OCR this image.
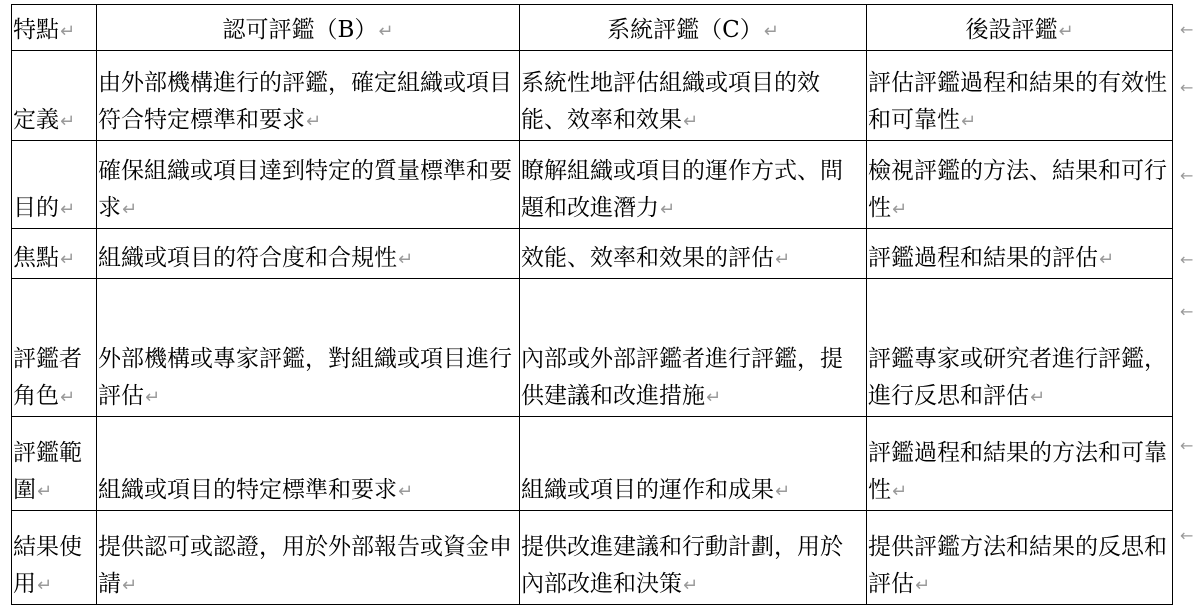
特點↵	認可評鑑（B）↵	系統評鑑（C）↵	後設評鑑↵
定義↵	由外部機構進行的評鑑，確定組織或項目符合特定標準和要求↵	系統性地評估組織或項目的效能、效率和效果↵	評估評鑑過程和結果的有效性和可靠性↵
目的↵	確保組織或項目達到特定的質量標準和要求↵	瞭解組織或項目的運作方式、問題和改進潛力↵	檢視評鑑的方法、結果和可行性↵
焦點↵	組織或項目的符合度和合規性↵	效能、效率和效果的評估↵	評鑑過程和結果的評估↵
評鑑者角色↵	外部機構或專家評鑑，對組織或項目進行評估↵	內部或外部評鑑者進行評鑑，提供建議和改進措施↵	評鑑專家或研究者進行評鑑，進行反思和評估↵
評鑑範圍↵	組織或項目的特定標準和要求↵	組織或項目的運作和成果↵	評鑑過程和結果的方法和可靠性↵
結果使用↵	提供認可或認證，用於外部報告或資金申請↵	提供改進建議和行動計劃，用於內部改進和決策↵	提供評鑑方法和結果的反思和評估↵
←
←
←
←
←
←
←
